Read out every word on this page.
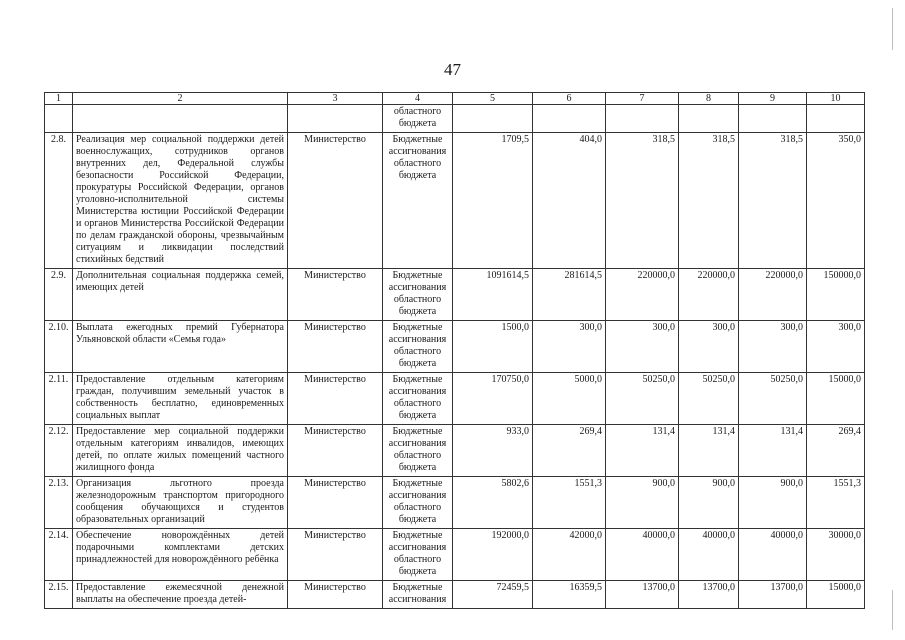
47
1	2	3	4	5	6	7	8	9	10
			областного бюджета						
2.8.	Реализация мер социальной поддержки детей военнослужащих, сотрудников органов внутренних дел, Федеральной службы безопасности Российской Федерации, прокуратуры Российской Федерации, органов уголовно-исполнительной системы Министерства юстиции Российской Федерации и органов Министерства Российской Федерации по делам гражданской обороны, чрезвычайным ситуациям и ликвидации последствий стихийных бедствий	Министерство	Бюджетные ассигнования областного бюджета	1709,5	404,0	318,5	318,5	318,5	350,0
2.9.	Дополнительная социальная поддержка семей, имеющих детей	Министерство	Бюджетные ассигнования областного бюджета	1091614,5	281614,5	220000,0	220000,0	220000,0	150000,0
2.10.	Выплата ежегодных премий Губернатора Ульяновской области «Семья года»	Министерство	Бюджетные ассигнования областного бюджета	1500,0	300,0	300,0	300,0	300,0	300,0
2.11.	Предоставление отдельным категориям граждан, получившим земельный участок в собственность бесплатно, единовременных социальных выплат	Министерство	Бюджетные ассигнования областного бюджета	170750,0	5000,0	50250,0	50250,0	50250,0	15000,0
2.12.	Предоставление мер социальной поддержки отдельным категориям инвалидов, имеющих детей, по оплате жилых помещений частного жилищного фонда	Министерство	Бюджетные ассигнования областного бюджета	933,0	269,4	131,4	131,4	131,4	269,4
2.13.	Организация льготного проезда железнодорожным транспортом пригородного сообщения обучающихся и студентов образовательных организаций	Министерство	Бюджетные ассигнования областного бюджета	5802,6	1551,3	900,0	900,0	900,0	1551,3
2.14.	Обеспечение новорождённых детей подарочными комплектами детских принадлежностей для новорождённого ребёнка	Министерство	Бюджетные ассигнования областного бюджета	192000,0	42000,0	40000,0	40000,0	40000,0	30000,0
2.15.	Предоставление ежемесячной денежной выплаты на обеспечение проезда детей-	Министерство	Бюджетные ассигнования	72459,5	16359,5	13700,0	13700,0	13700,0	15000,0
